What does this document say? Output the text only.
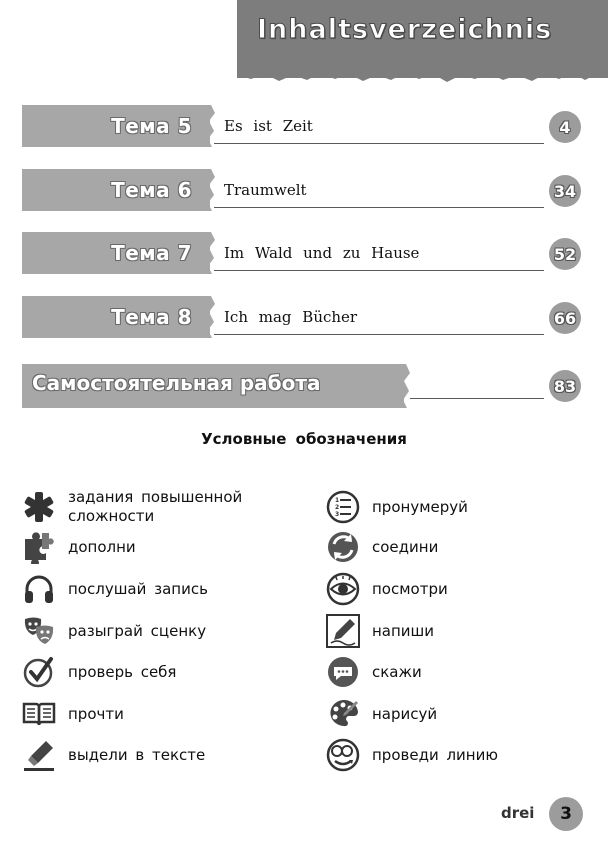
Inhaltsverzeichnis
Тема 5 Es ist Zeit	4
Тема 6 Traumwelt	34
Тема 7 Im Wald und zu Hause	52
Тема 8 Ich mag Bücher	66
Самостоятельная работа	83
Условные обозначения
задания повышенной
сложности
дополни
послушай запись
разыграй сценку
проверь себя
прочти
выдели в тексте
1
2
3 пронумеруй
соедини
посмотри
напиши
скажи
нарисуй
проведи линию
drei 3
